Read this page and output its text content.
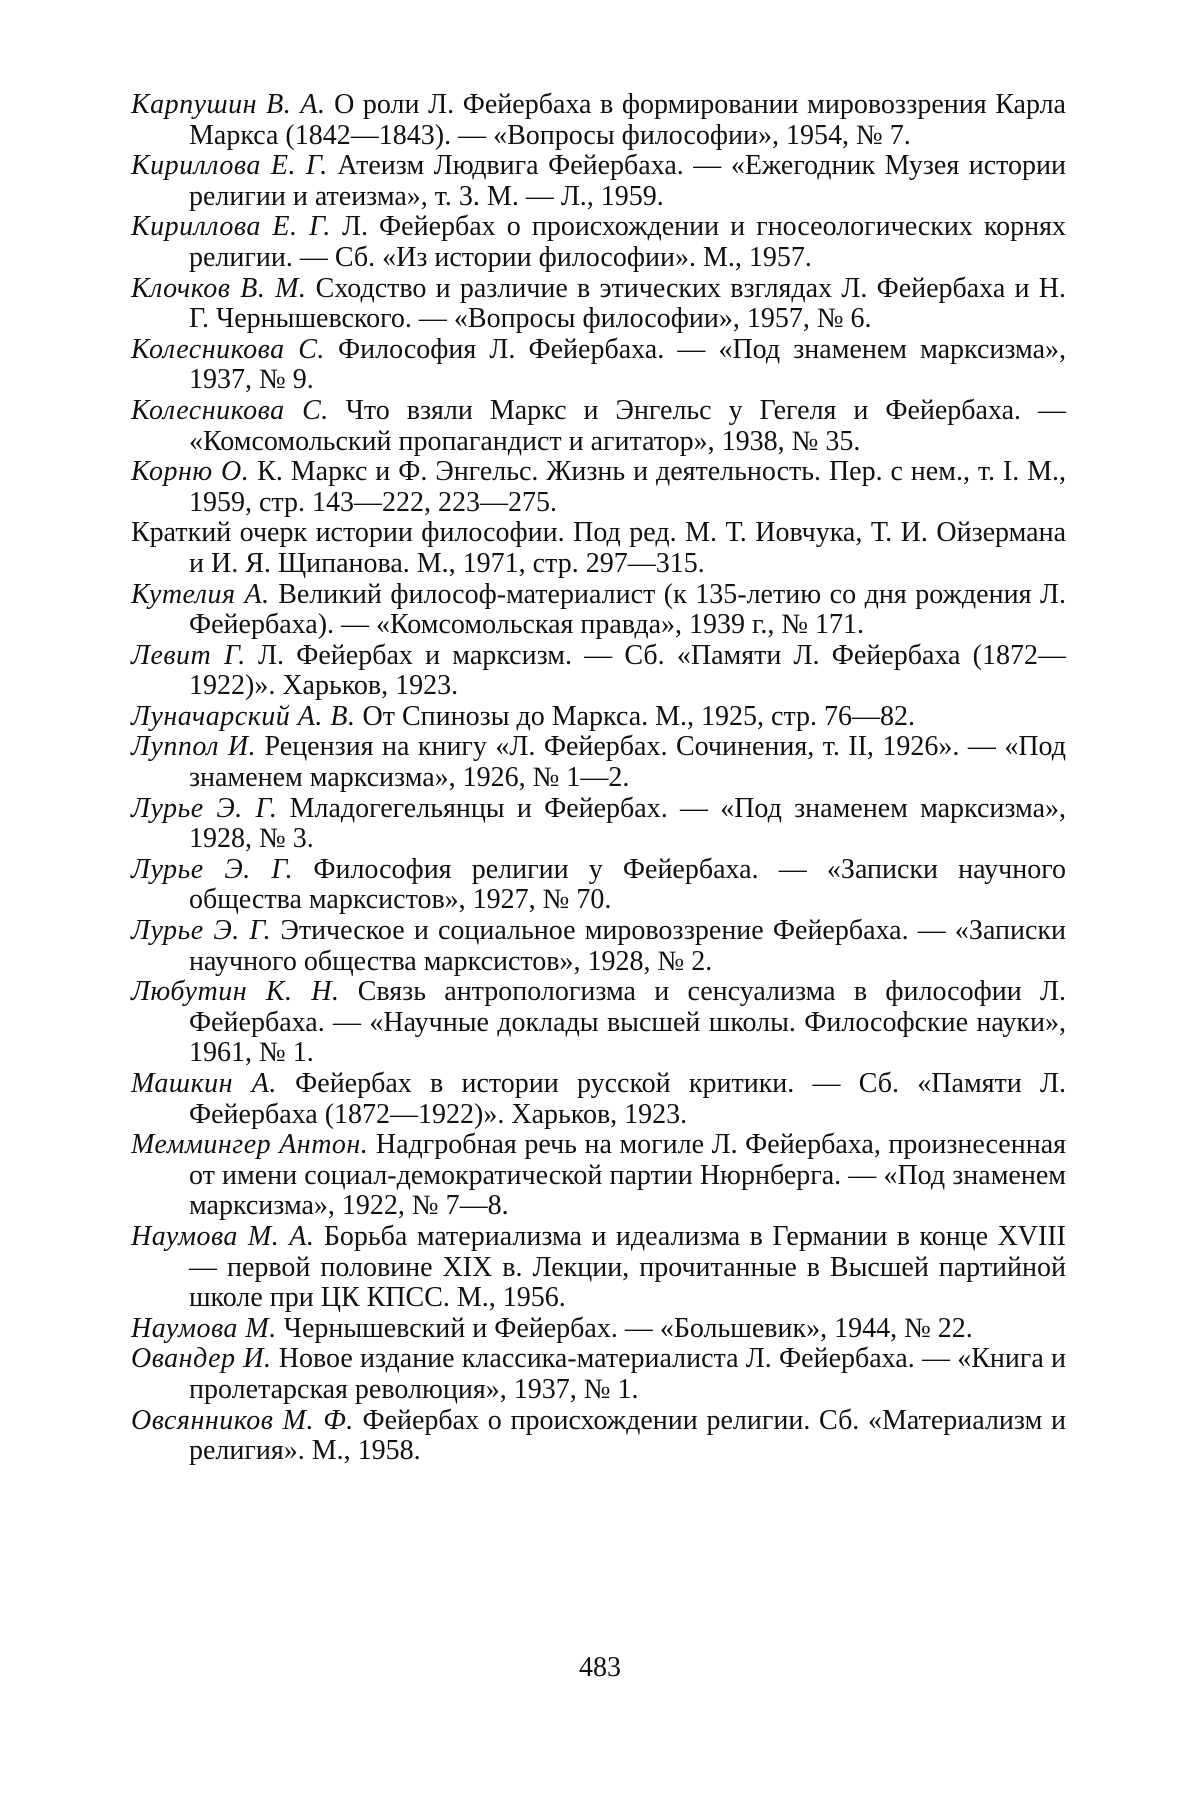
Карпушин В. А. О роли Л. Фейербаха в формировании мировоззрения Карла Маркса (1842—1843). — «Вопросы философии», 1954, № 7.
Кириллова Е. Г. Атеизм Людвига Фейербаха. — «Ежегодник Музея истории религии и атеизма», т. 3. М. — Л., 1959.
Кириллова Е. Г. Л. Фейербах о происхождении и гносеологических корнях религии. — Сб. «Из истории философии». М., 1957.
Клочков В. М. Сходство и различие в этических взглядах Л. Фейербаха и Н. Г. Чернышевского. — «Вопросы философии», 1957, № 6.
Колесникова С. Философия Л. Фейербаха. — «Под знаменем марксизма», 1937, № 9.
Колесникова С. Что взяли Маркс и Энгельс у Гегеля и Фейербаха. — «Комсомольский пропагандист и агитатор», 1938, № 35.
Корню О. К. Маркс и Ф. Энгельс. Жизнь и деятельность. Пер. с нем., т. I. М., 1959, стр. 143—222, 223—275.
Краткий очерк истории философии. Под ред. М. Т. Иовчука, Т. И. Ойзермана и И. Я. Щипанова. М., 1971, стр. 297—315.
Кутелия А. Великий философ-материалист (к 135-летию со дня рождения Л. Фейербаха). — «Комсомольская правда», 1939 г., № 171.
Левит Г. Л. Фейербах и марксизм. — Сб. «Памяти Л. Фейербаха (1872—1922)». Харьков, 1923.
Луначарский А. В. От Спинозы до Маркса. М., 1925, стр. 76—82.
Луппол И. Рецензия на книгу «Л. Фейербах. Сочинения, т. II, 1926». — «Под знаменем марксизма», 1926, № 1—2.
Лурье Э. Г. Младогегельянцы и Фейербах. — «Под знаменем марксизма», 1928, № 3.
Лурье Э. Г. Философия религии у Фейербаха. — «Записки научного общества марксистов», 1927, № 70.
Лурье Э. Г. Этическое и социальное мировоззрение Фейербаха. — «Записки научного общества марксистов», 1928, № 2.
Любутин К. Н. Связь антропологизма и сенсуализма в философии Л. Фейербаха. — «Научные доклады высшей школы. Философские науки», 1961, № 1.
Машкин А. Фейербах в истории русской критики. — Сб. «Памяти Л. Фейербаха (1872—1922)». Харьков, 1923.
Меммингер Антон. Надгробная речь на могиле Л. Фейербаха, произнесенная от имени социал-демократической партии Нюрнберга. — «Под знаменем марксизма», 1922, № 7—8.
Наумова М. А. Борьба материализма и идеализма в Германии в конце XVIII — первой половине XIX в. Лекции, прочитанные в Высшей партийной школе при ЦК КПСС. М., 1956.
Наумова М. Чернышевский и Фейербах. — «Большевик», 1944, № 22.
Овандер И. Новое издание классика-материалиста Л. Фейербаха. — «Книга и пролетарская революция», 1937, № 1.
Овсянников М. Ф. Фейербах о происхождении религии. Сб. «Материализм и религия». М., 1958.
483
